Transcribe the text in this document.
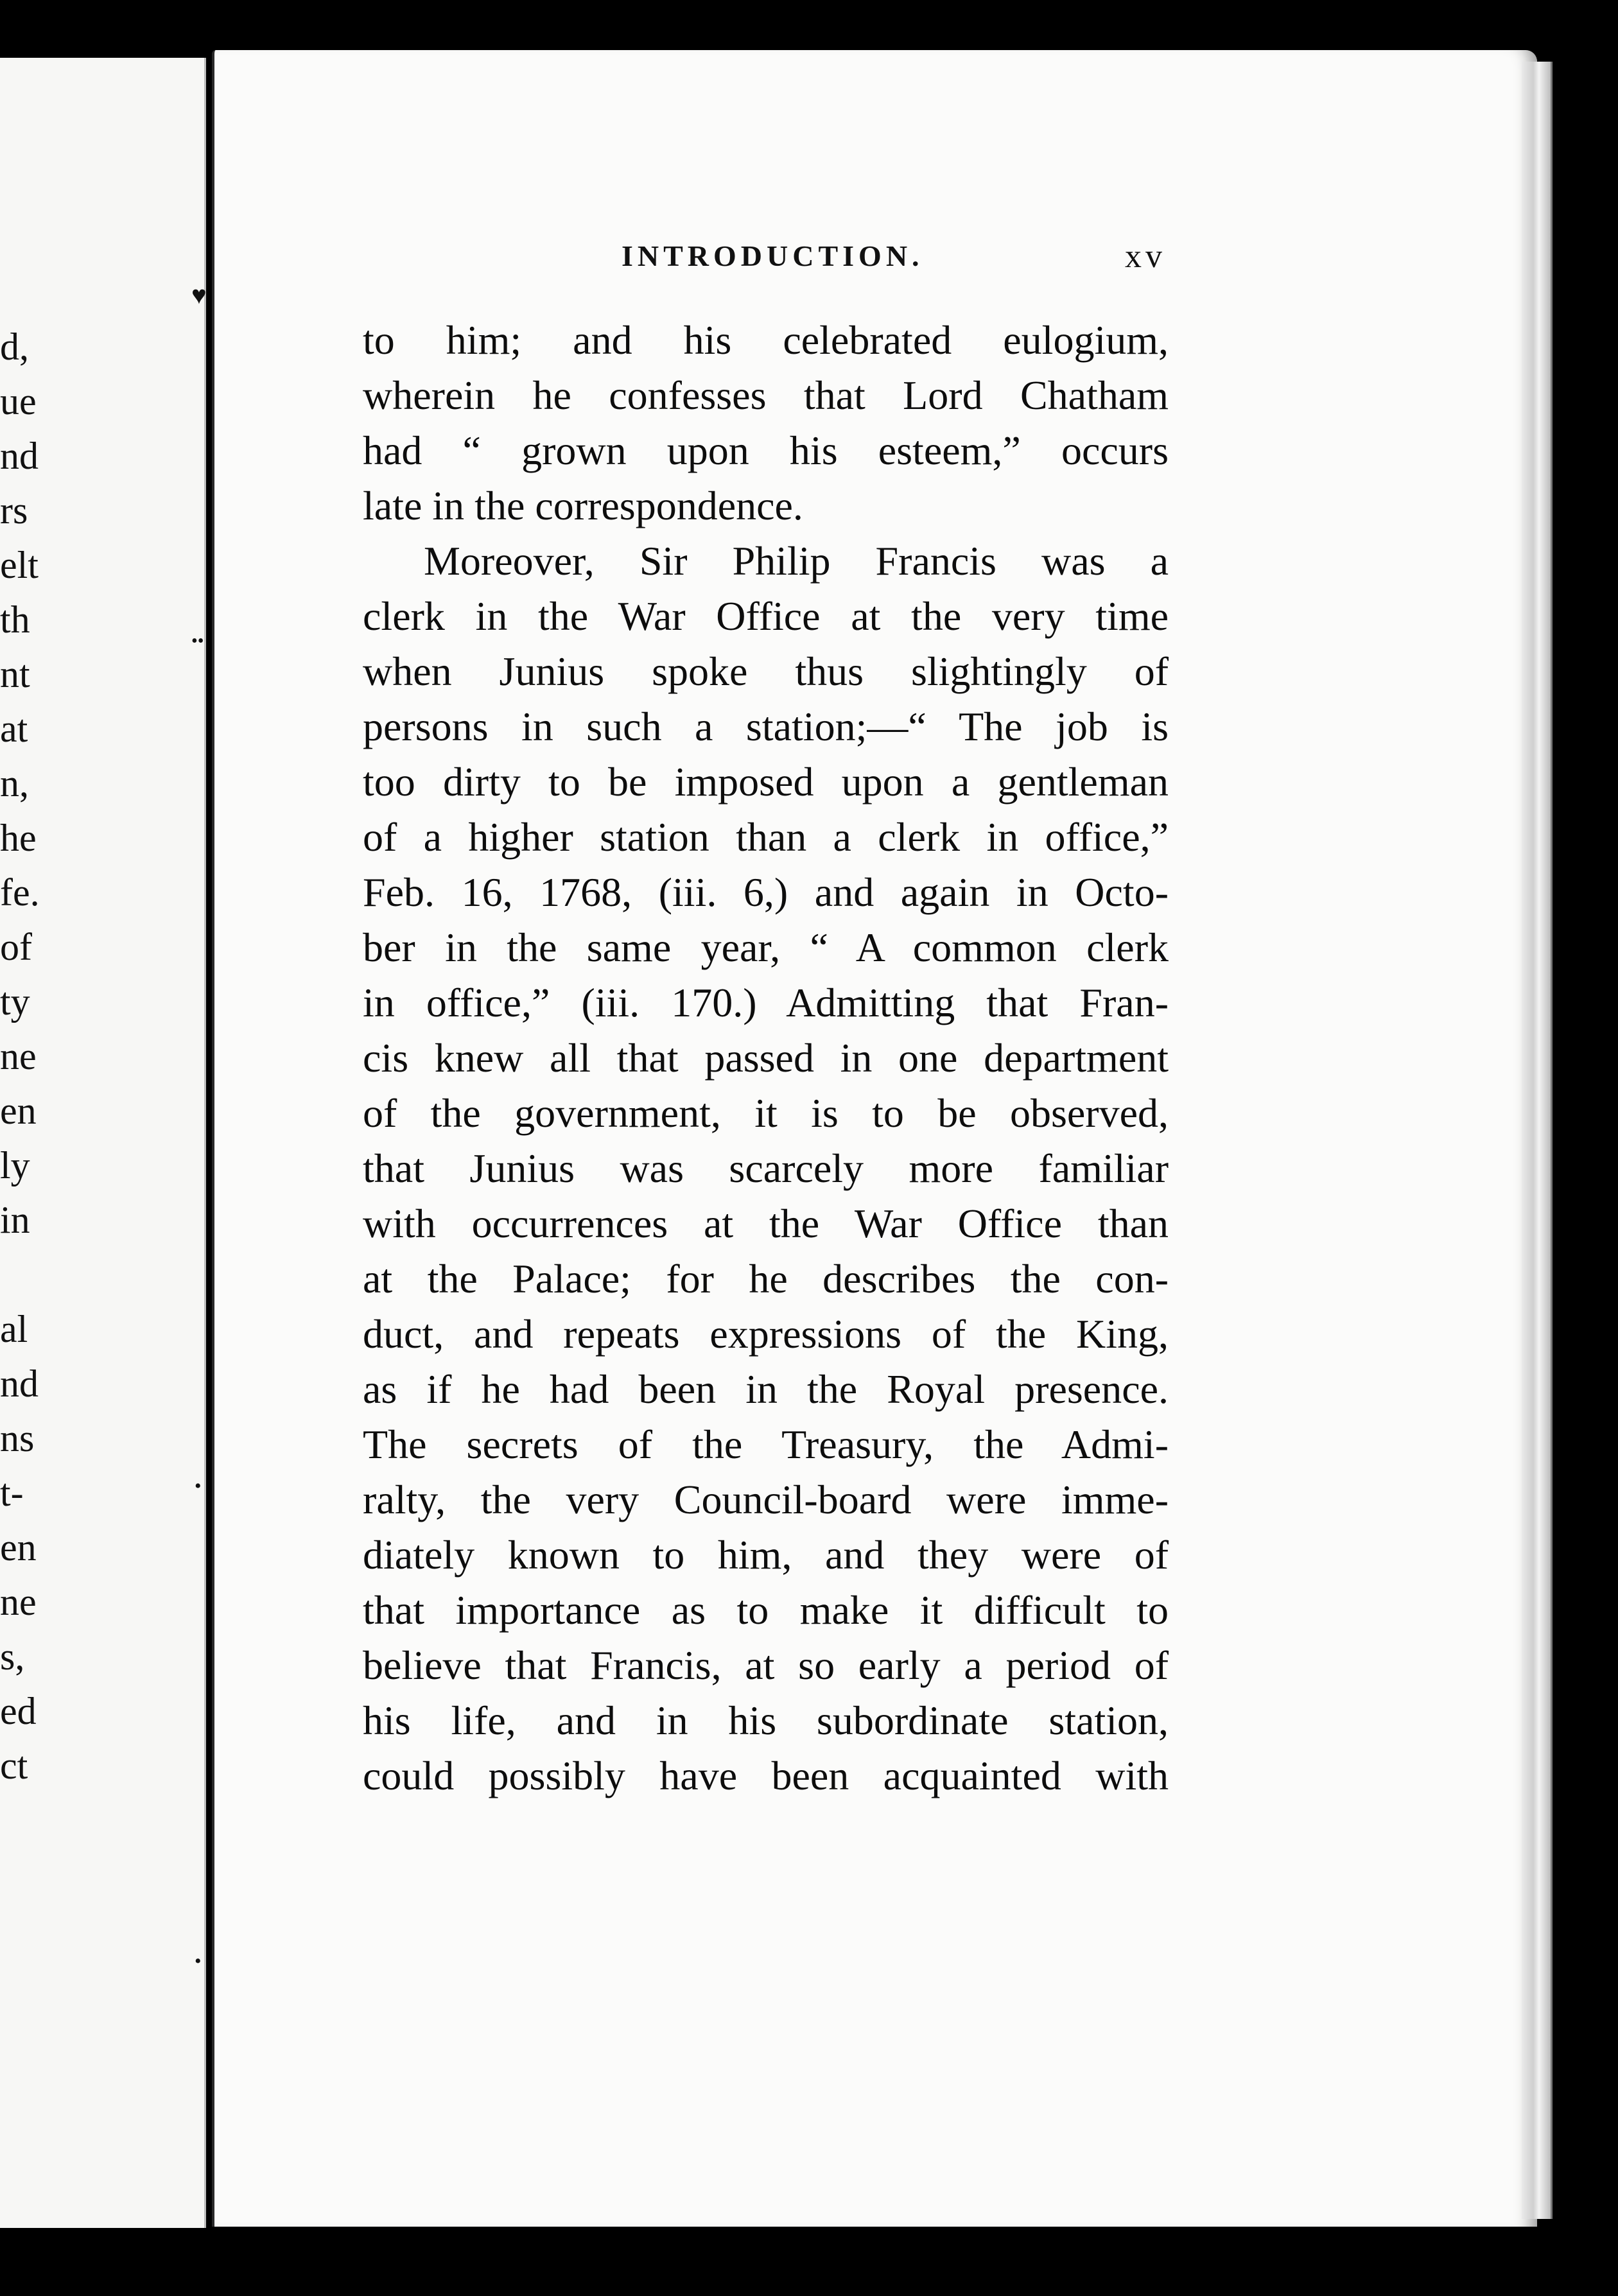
d,
ue
nd
rs
elt
th
nt
at
n,
he
fe.
of
ty
ne
en
ly
in
al
nd
ns
t-
en
ne
s,
ed
ct
♥
••
•
•
INTRODUCTION.	xv
to him; and his celebrated eulogium,
wherein he confesses that Lord Chatham
had “ grown upon his esteem,” occurs
late in the correspondence.
Moreover, Sir Philip Francis was a
clerk in the War Office at the very time
when Junius spoke thus slightingly of
persons in such a station;—“ The job is
too dirty to be imposed upon a gentleman
of a higher station than a clerk in office,”
Feb. 16, 1768, (iii. 6,) and again in Octo-
ber in the same year, “ A common clerk
in office,” (iii. 170.) Admitting that Fran-
cis knew all that passed in one department
of the government, it is to be observed,
that Junius was scarcely more familiar
with occurrences at the War Office than
at the Palace; for he describes the con-
duct, and repeats expressions of the King,
as if he had been in the Royal presence.
The secrets of the Treasury, the Admi-
ralty, the very Council-board were imme-
diately known to him, and they were of
that importance as to make it difficult to
believe that Francis, at so early a period of
his life, and in his subordinate station,
could possibly have been acquainted with
